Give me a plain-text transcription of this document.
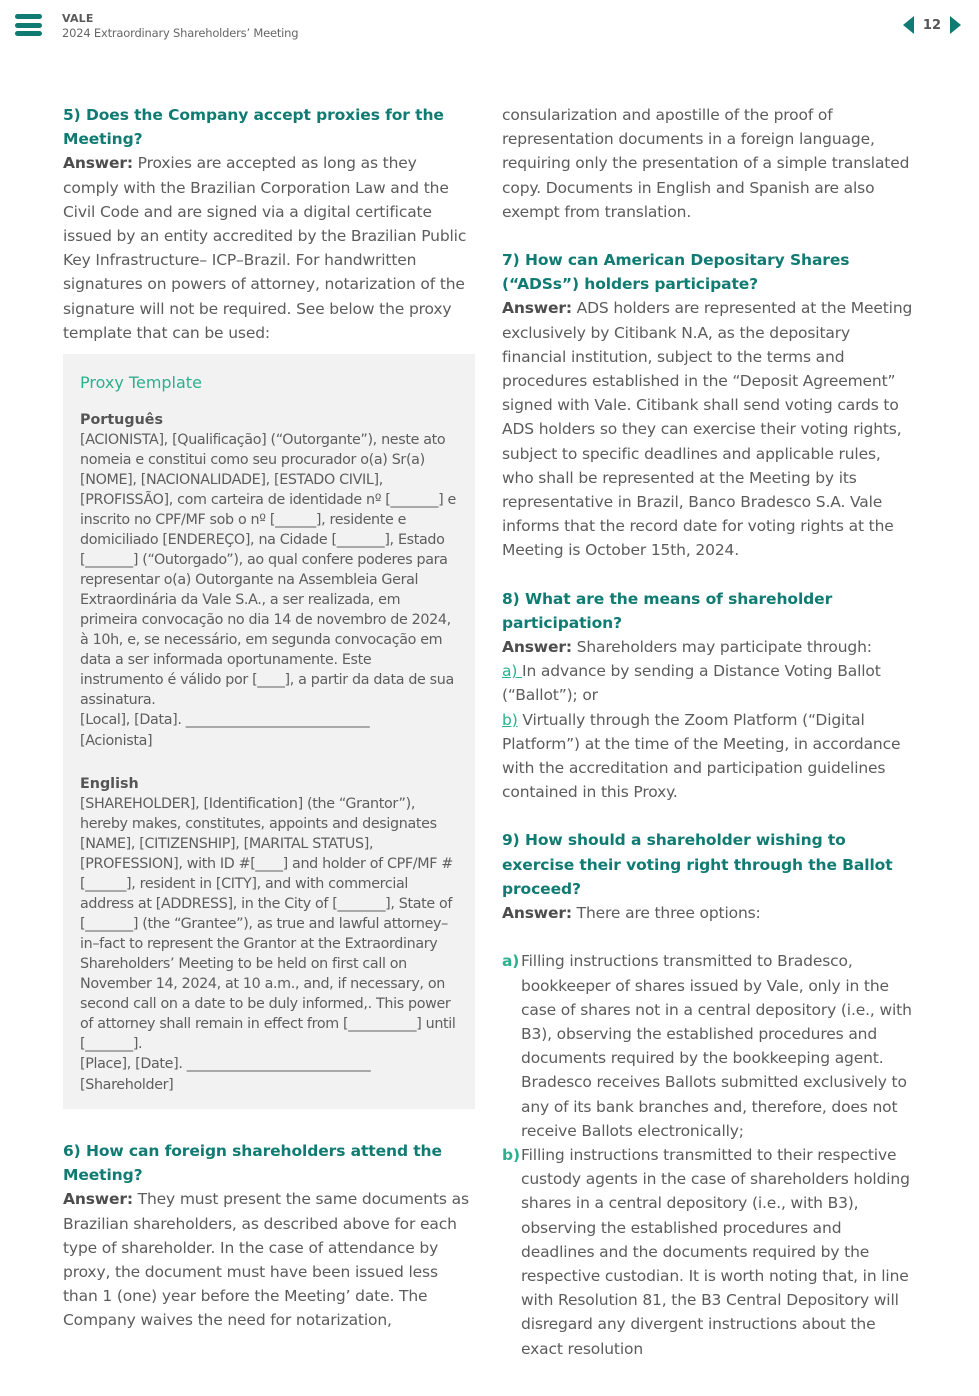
VALE
2024 Extraordinary Shareholders’ Meeting
12

5) Does the Company accept proxies for the Meeting?

Answer: Proxies are accepted as long as they comply with the Brazilian Corporation Law and the Civil Code and are signed via a digital certificate issued by an entity accredited by the Brazilian Public Key Infrastructure– ICP–Brazil. For handwritten signatures on powers of attorney, notarization of the signature will not be required. See below the proxy template that can be used:

Proxy Template

Português

[ACIONISTA], [Qualificação] (“Outorgante”), neste ato nomeia e constitui como seu procurador o(a) Sr(a) [NOME], [NACIONALIDADE], [ESTADO CIVIL], [PROFISSÃO], com carteira de identidade nº [_______] e inscrito no CPF/MF sob o nº [______], residente e domiciliado [ENDEREÇO], na Cidade [_______], Estado [_______] (“Outorgado”), ao qual confere poderes para representar o(a) Outorgante na Assembleia Geral Extraordinária da Vale S.A., a ser realizada, em primeira convocação no dia 14 de novembro de 2024, à 10h, e, se necessário, em segunda convocação em data a ser informada oportunamente. Este instrumento é válido por [____], a partir da data de sua assinatura.

[Local], [Data]. ___________________________

[Acionista]

English

[SHAREHOLDER], [Identification] (the “Grantor”), hereby makes, constitutes, appoints and designates [NAME], [CITIZENSHIP], [MARITAL STATUS], [PROFESSION], with ID #[____] and holder of CPF/MF # [______], resident in [CITY], and with commercial address at [ADDRESS], in the City of [_______], State of [_______] (the “Grantee”), as true and lawful attorney–in–fact to represent the Grantor at the Extraordinary Shareholders’ Meeting to be held on first call on November 14, 2024, at 10 a.m., and, if necessary, on second call on a date to be duly informed,. This power of attorney shall remain in effect from [__________] until [_______].

[Place], [Date]. ___________________________

[Shareholder]

6) How can foreign shareholders attend the Meeting?

Answer: They must present the same documents as Brazilian shareholders, as described above for each type of shareholder. In the case of attendance by proxy, the document must have been issued less than 1 (one) year before the Meeting’ date. The Company waives the need for notarization,

consularization and apostille of the proof of representation documents in a foreign language, requiring only the presentation of a simple translated copy. Documents in English and Spanish are also exempt from translation.

7) How can American Depositary Shares (“ADSs”) holders participate?

Answer: ADS holders are represented at the Meeting exclusively by Citibank N.A, as the depositary financial institution, subject to the terms and procedures established in the “Deposit Agreement” signed with Vale. Citibank shall send voting cards to ADS holders so they can exercise their voting rights, subject to specific deadlines and applicable rules, who shall be represented at the Meeting by its representative in Brazil, Banco Bradesco S.A. Vale informs that the record date for voting rights at the Meeting is October 15th, 2024.

8) What are the means of shareholder participation?

Answer: Shareholders may participate through:

a) In advance by sending a Distance Voting Ballot (“Ballot”); or

b) Virtually through the Zoom Platform (“Digital Platform”) at the time of the Meeting, in accordance with the accreditation and participation guidelines contained in this Proxy.

9) How should a shareholder wishing to exercise their voting right through the Ballot proceed?

Answer: There are three options:

a) Filling instructions transmitted to Bradesco, bookkeeper of shares issued by Vale, only in the case of shares not in a central depository (i.e., with B3), observing the established procedures and documents required by the bookkeeping agent. Bradesco receives Ballots submitted exclusively to any of its bank branches and, therefore, does not receive Ballots electronically;
b) Filling instructions transmitted to their respective custody agents in the case of shareholders holding shares in a central depository (i.e., with B3), observing the established procedures and deadlines and the documents required by the respective custodian. It is worth noting that, in line with Resolution 81, the B3 Central Depository will disregard any divergent instructions about the exact resolution
